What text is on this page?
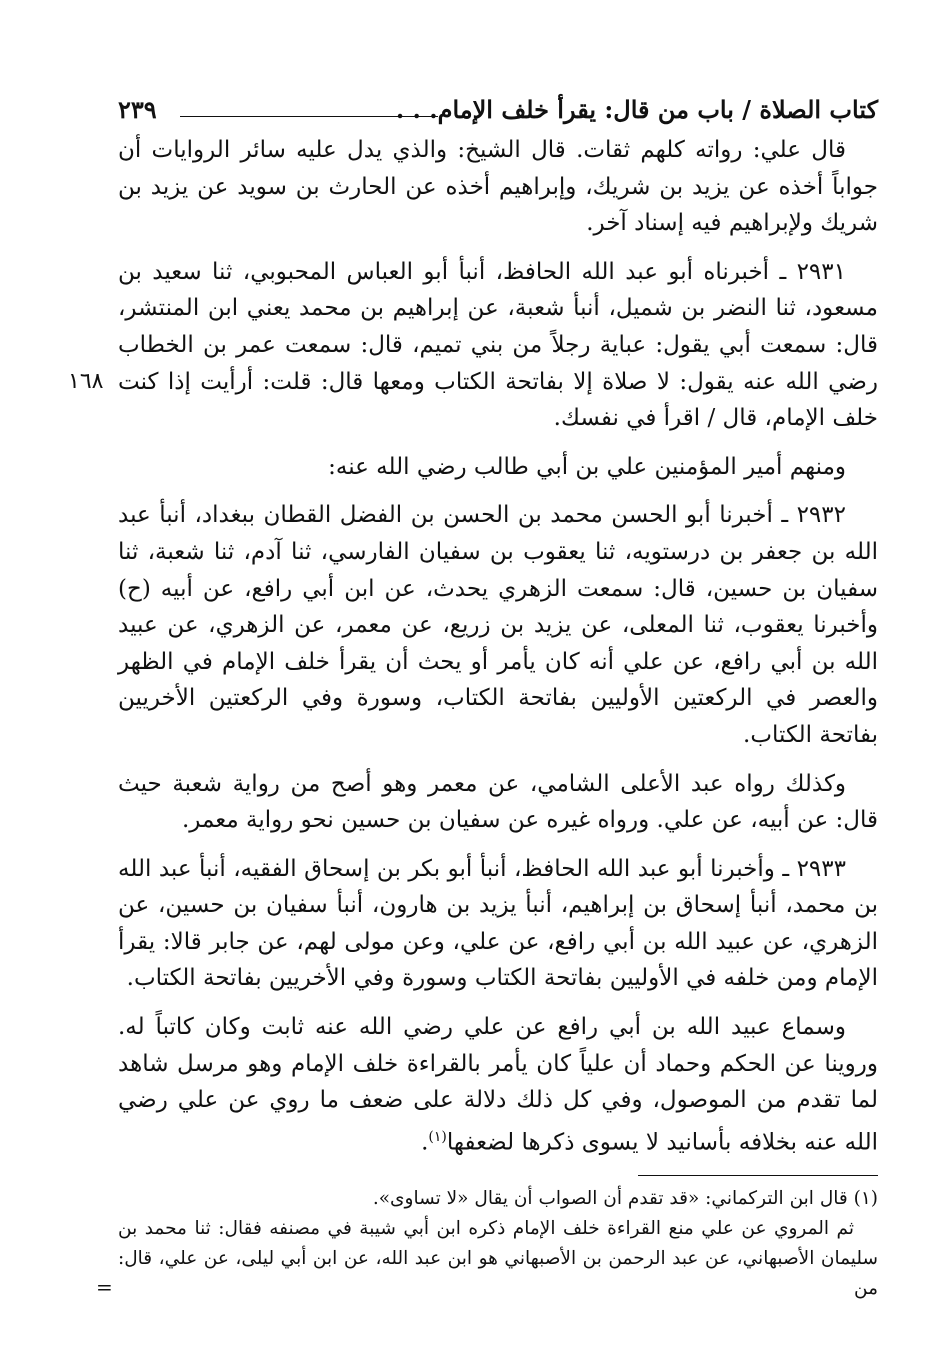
كتاب الصلاة / باب من قال: يقرأ خلف الإمام. . .
٢٣٩

قال علي: رواته كلهم ثقات. قال الشيخ: والذي يدل عليه سائر الروايات أن جواباً أخذه عن يزيد بن شريك، وإبراهيم أخذه عن الحارث بن سويد عن يزيد بن شريك ولإبراهيم فيه إسناد آخر.

٢٩٣١ ـ أخبرناه أبو عبد الله الحافظ، أنبأ أبو العباس المحبوبي، ثنا سعيد بن مسعود، ثنا النضر بن شميل، أنبأ شعبة، عن إبراهيم بن محمد يعني ابن المنتشر، قال: سمعت أبي يقول: عباية رجلاً من بني تميم، قال: سمعت عمر بن الخطاب رضي الله عنه يقول: لا صلاة إلا بفاتحة الكتاب ومعها قال: قلت: أرأيت إذا كنت خلف الإمام، قال / اقرأ في نفسك.

١٦٨

ومنهم أمير المؤمنين علي بن أبي طالب رضي الله عنه:

٢٩٣٢ ـ أخبرنا أبو الحسن محمد بن الحسن بن الفضل القطان ببغداد، أنبأ عبد الله بن جعفر بن درستويه، ثنا يعقوب بن سفيان الفارسي، ثنا آدم، ثنا شعبة، ثنا سفيان بن حسين، قال: سمعت الزهري يحدث، عن ابن أبي رافع، عن أبيه (ح) وأخبرنا يعقوب، ثنا المعلى، عن يزيد بن زريع، عن معمر، عن الزهري، عن عبيد الله بن أبي رافع، عن علي أنه كان يأمر أو يحث أن يقرأ خلف الإمام في الظهر والعصر في الركعتين الأوليين بفاتحة الكتاب، وسورة وفي الركعتين الأخريين بفاتحة الكتاب.

وكذلك رواه عبد الأعلى الشامي، عن معمر وهو أصح من رواية شعبة حيث قال: عن أبيه، عن علي. ورواه غيره عن سفيان بن حسين نحو رواية معمر.

٢٩٣٣ ـ وأخبرنا أبو عبد الله الحافظ، أنبأ أبو بكر بن إسحاق الفقيه، أنبأ عبد الله بن محمد، أنبأ إسحاق بن إبراهيم، أنبأ يزيد بن هارون، أنبأ سفيان بن حسين، عن الزهري، عن عبيد الله بن أبي رافع، عن علي، وعن مولى لهم، عن جابر قالا: يقرأ الإمام ومن خلفه في الأوليين بفاتحة الكتاب وسورة وفي الأخريين بفاتحة الكتاب.

وسماع عبيد الله بن أبي رافع عن علي رضي الله عنه ثابت وكان كاتباً له. وروينا عن الحكم وحماد أن علياً كان يأمر بالقراءة خلف الإمام وهو مرسل شاهد لما تقدم من الموصول، وفي كل ذلك دلالة على ضعف ما روي عن علي رضي الله عنه بخلافه بأسانيد لا يسوى ذكرها لضعفها$^{(١)}$.

(١) قال ابن التركماني: «قد تقدم أن الصواب أن يقال «لا تساوى».

ثم المروي عن علي منع القراءة خلف الإمام ذكره ابن أبي شيبة في مصنفه فقال: ثنا محمد بن سليمان الأصبهاني، عن عبد الرحمن بن الأصبهاني هو ابن عبد الله، عن ابن أبي ليلى، عن علي، قال: من

=
